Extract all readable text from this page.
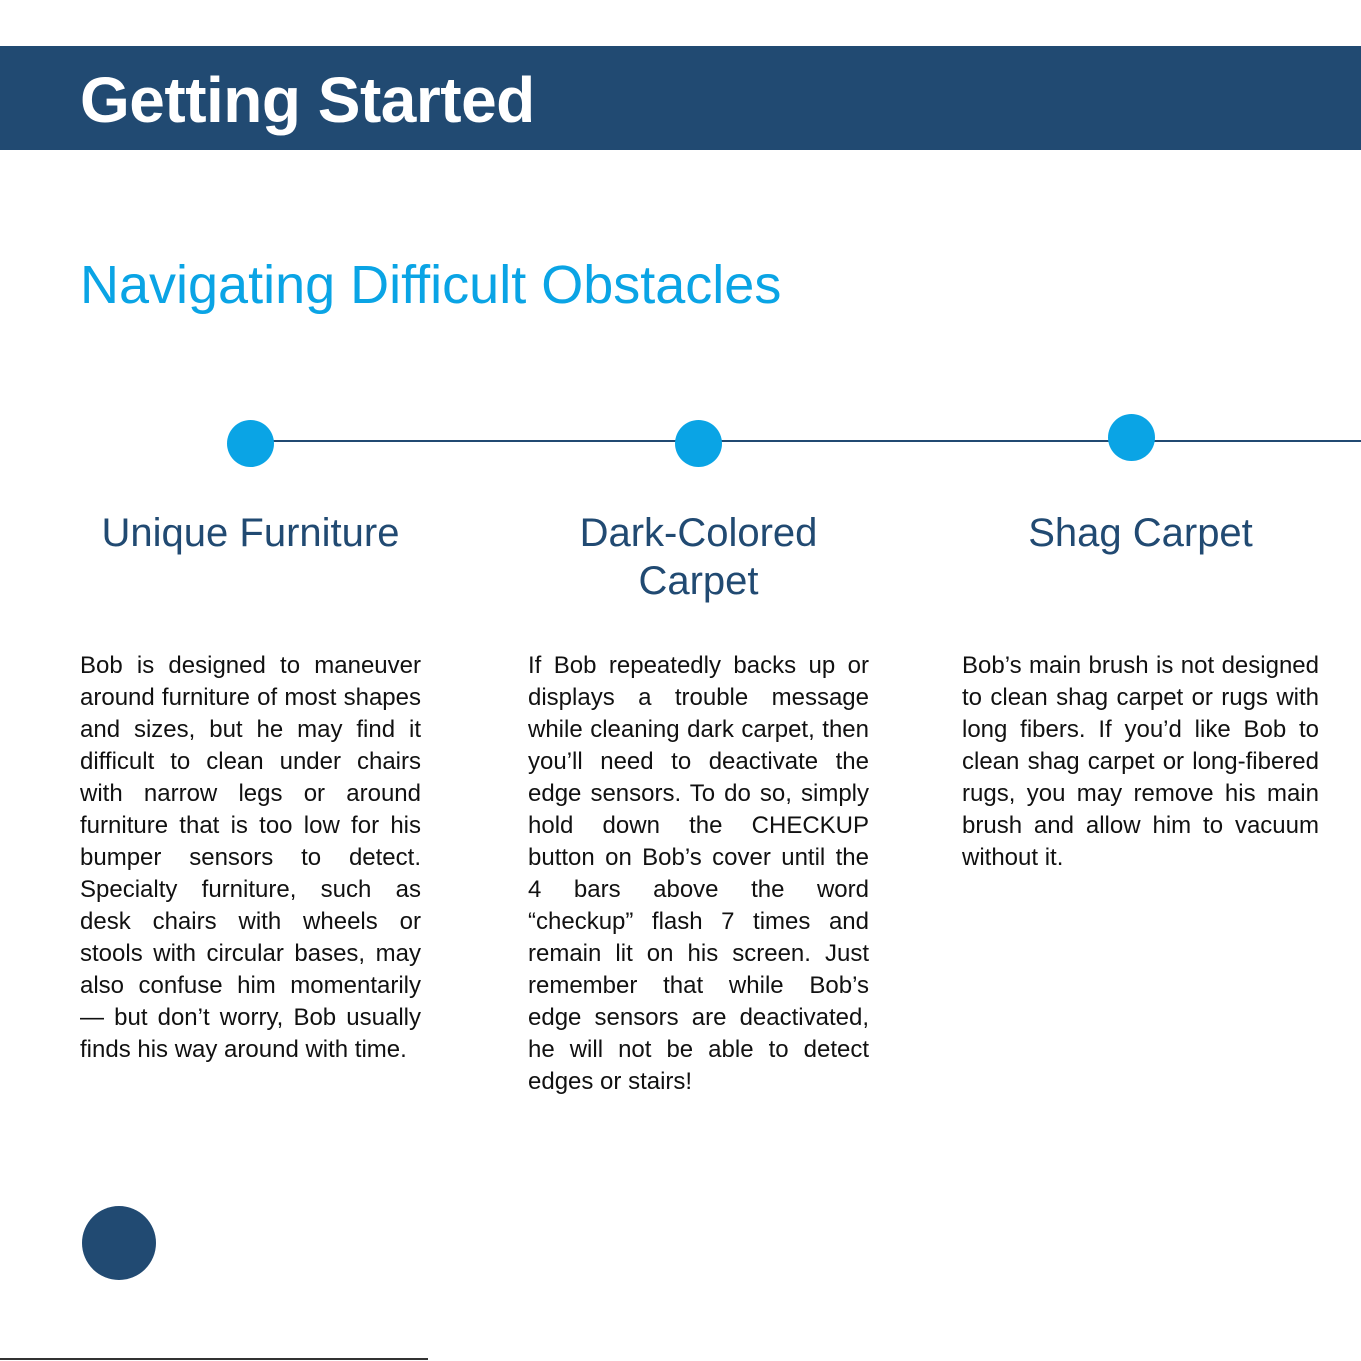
Getting Started
Navigating Difficult Obstacles
Unique Furniture	Dark-Colored Carpet
Shag Carpet

Bob is designed to maneuver around furniture of most shapes and sizes, but he may find it difficult to clean under chairs with narrow legs or around furniture that is too low for his bumper sensors to detect. Specialty furniture, such as desk chairs with wheels or stools with circular bases, may also confuse him momentarily — but don’t worry, Bob usually finds his way around with time.

If Bob repeatedly backs up or displays a trouble message while cleaning dark carpet, then you’ll need to deactivate the edge sensors. To do so, simply hold down the CHECKUP button on Bob’s cover until the 4 bars above the word “checkup” flash 7 times and remain lit on his screen. Just remember that while Bob’s edge sensors are deactivated, he will not be able to detect edges or stairs!

Bob’s main brush is not designed to clean shag carpet or rugs with long fibers. If you’d like Bob to clean shag carpet or long-fibered rugs, you may remove his main brush and allow him to vacuum without it.
